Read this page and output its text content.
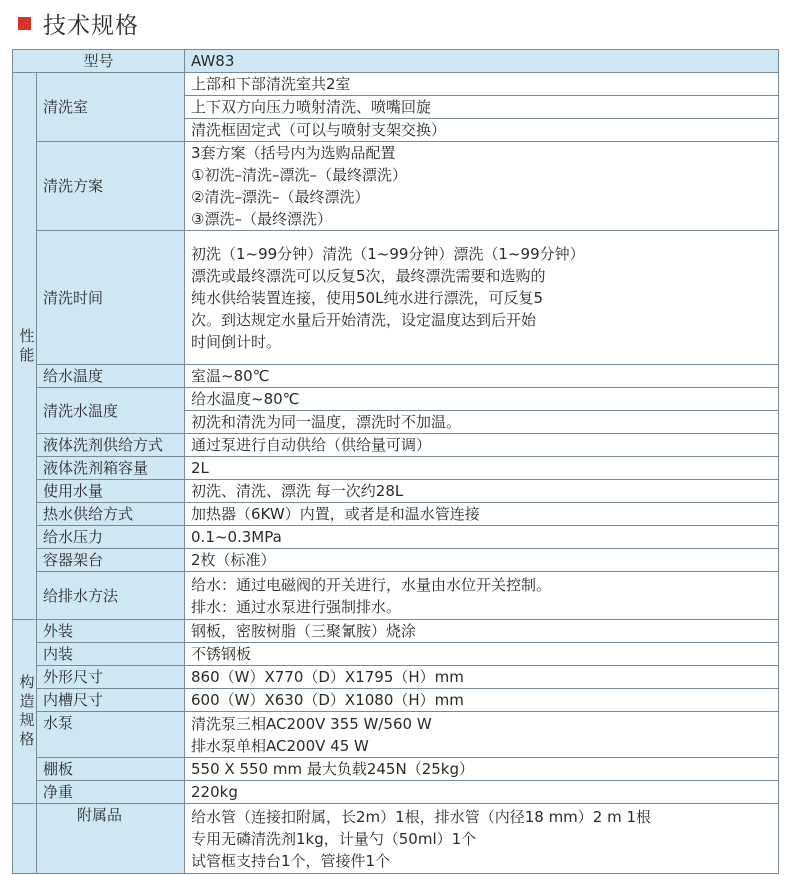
技术规格
型号		AW83
性能	清洗室	上部和下部清洗室共2室
		上下双方向压力喷射清洗、喷嘴回旋
		清洗框固定式（可以与喷射支架交换）
	清洗方案	3套方案（括号内为选购品配置
①初洗–清洗–漂洗–（最终漂洗）
②清洗–漂洗–（最终漂洗）
③漂洗–（最终漂洗）

	清洗时间	初洗（1~99分钟）清洗（1~99分钟）漂洗（1~99分钟）
漂洗或最终漂洗可以反复5次，最终漂洗需要和选购的
纯水供给装置连接，使用50L纯水进行漂洗，可反复5
次。到达规定水量后开始清洗，设定温度达到后开始
时间倒计时。

	给水温度	室温~80℃
	清洗水温度	给水温度~80℃
		初洗和清洗为同一温度，漂洗时不加温。
	液体洗剂供给方式	通过泵进行自动供给（供给量可调）
	液体洗剂箱容量	2L
	使用水量	初洗、清洗、漂洗 每一次约28L
	热水供给方式	加热器（6KW）内置，或者是和温水管连接
	给水压力	0.1~0.3MPa
	容器架台	2枚（标准）
	给排水方法	给水：通过电磁阀的开关进行，水量由水位开关控制。
排水：通过水泵进行强制排水。

构造规格	外装	钢板，密胺树脂（三聚氰胺）烧涂
	内装	不锈钢板
	外形尺寸	860（W）X770（D）X1795（H）mm
	内槽尺寸	600（W）X630（D）X1080（H）mm
	水泵	清洗泵三相AC200V 355 W/560 W
排水泵单相AC200V 45 W

	棚板	550 X 550 mm 最大负载245N（25kg）
	净重	220kg
	附属品	给水管（连接扣附属，长2m）1根，排水管（内径18 mm）2 m 1根
专用无磷清洗剂1kg，计量勺（50ml）1个
试管框支持台1个，管接件1个
